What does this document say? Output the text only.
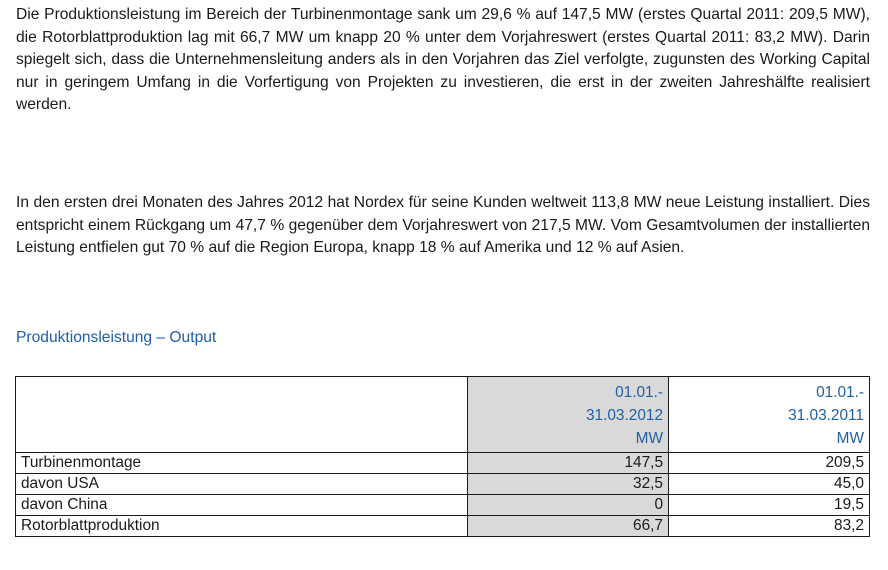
Die Produktionsleistung im Bereich der Turbinenmontage sank um 29,6 % auf 147,5 MW (erstes Quartal 2011: 209,5 MW), die Rotorblattproduktion lag mit 66,7 MW um knapp 20 % unter dem Vorjahreswert (erstes Quartal 2011: 83,2 MW). Darin spiegelt sich, dass die Unternehmensleitung anders als in den Vorjahren das Ziel verfolgte, zugunsten des Working Capital nur in geringem Umfang in die Vorfertigung von Projekten zu investieren, die erst in der zweiten Jahreshälfte realisiert werden.

In den ersten drei Monaten des Jahres 2012 hat Nordex für seine Kunden weltweit 113,8 MW neue Leistung installiert. Dies entspricht einem Rückgang um 47,7 % gegenüber dem Vorjahreswert von 217,5 MW. Vom Gesamtvolumen der installierten Leistung entfielen gut 70 % auf die Region Europa, knapp 18 % auf Amerika und 12 % auf Asien.

Produktionsleistung – Output

	01.01.-
31.03.2012
MW	01.01.-
31.03.2011
MW

Turbinenmontage	147,5	209,5
davon USA	32,5	45,0
davon China	0	19,5
Rotorblattproduktion	66,7	83,2
